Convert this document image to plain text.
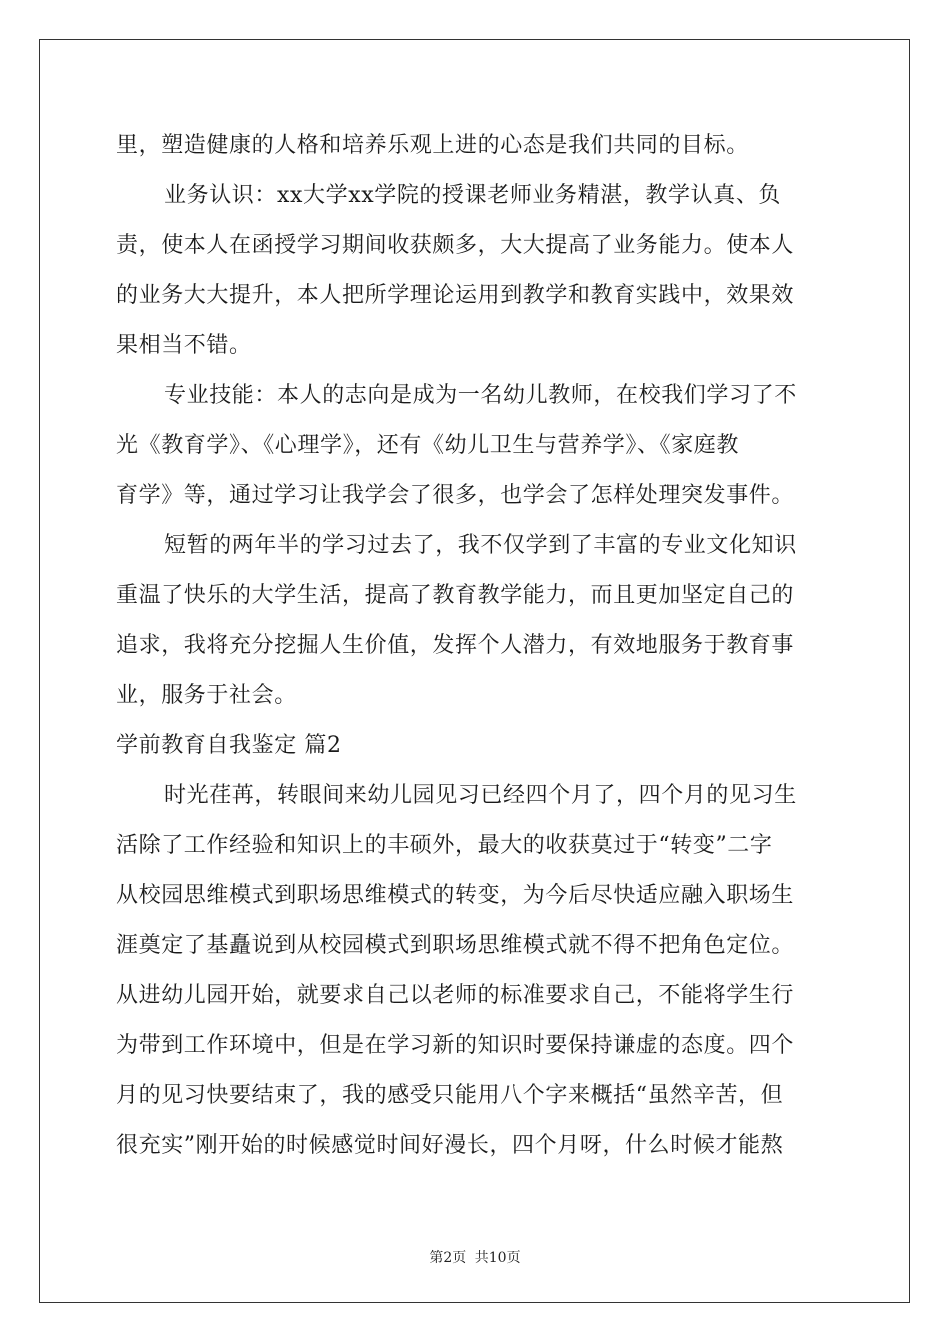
里，塑造健康的人格和培养乐观上进的心态是我们共同的目标。
业务认识：xx大学xx学院的授课老师业务精湛，教学认真、负
责，使本人在函授学习期间收获颇多，大大提高了业务能力。使本人
的业务大大提升，本人把所学理论运用到教学和教育实践中，效果效
果相当不错。
专业技能：本人的志向是成为一名幼儿教师，在校我们学习了不
光《教育学》、《心理学》，还有《幼儿卫生与营养学》、《家庭教
育学》等，通过学习让我学会了很多，也学会了怎样处理突发事件。
短暂的两年半的学习过去了，我不仅学到了丰富的专业文化知识
重温了快乐的大学生活，提高了教育教学能力，而且更加坚定自己的
追求，我将充分挖掘人生价值，发挥个人潜力，有效地服务于教育事
业，服务于社会。
学前教育自我鉴定 篇2
时光荏苒，转眼间来幼儿园见习已经四个月了，四个月的见习生
活除了工作经验和知识上的丰硕外，最大的收获莫过于“转变”二字
从校园思维模式到职场思维模式的转变，为今后尽快适应融入职场生
涯奠定了基矗说到从校园模式到职场思维模式就不得不把角色定位。
从进幼儿园开始，就要求自己以老师的标准要求自己，不能将学生行
为带到工作环境中，但是在学习新的知识时要保持谦虚的态度。四个
月的见习快要结束了，我的感受只能用八个字来概括“虽然辛苦，但
很充实”刚开始的时候感觉时间好漫长，四个月呀，什么时候才能熬
第2页 共10页
